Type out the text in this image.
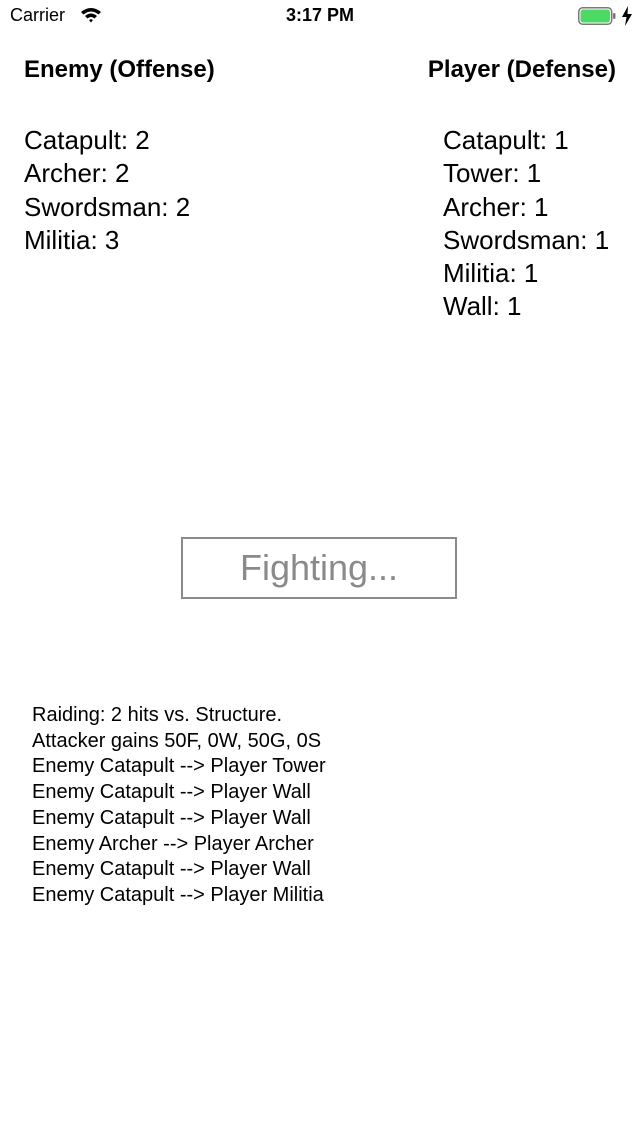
Carrier	3:17 PM
Enemy (Offense)
Catapult: 2
Archer: 2
Swordsman: 2
Militia: 3
Player (Defense)
Catapult: 1
Tower: 1
Archer: 1
Swordsman: 1
Militia: 1
Wall: 1
Fighting...
Raiding: 2 hits vs. Structure.
Attacker gains 50F, 0W, 50G, 0S
Enemy Catapult --> Player Tower
Enemy Catapult --> Player Wall
Enemy Catapult --> Player Wall
Enemy Archer --> Player Archer
Enemy Catapult --> Player Wall
Enemy Catapult --> Player Militia
